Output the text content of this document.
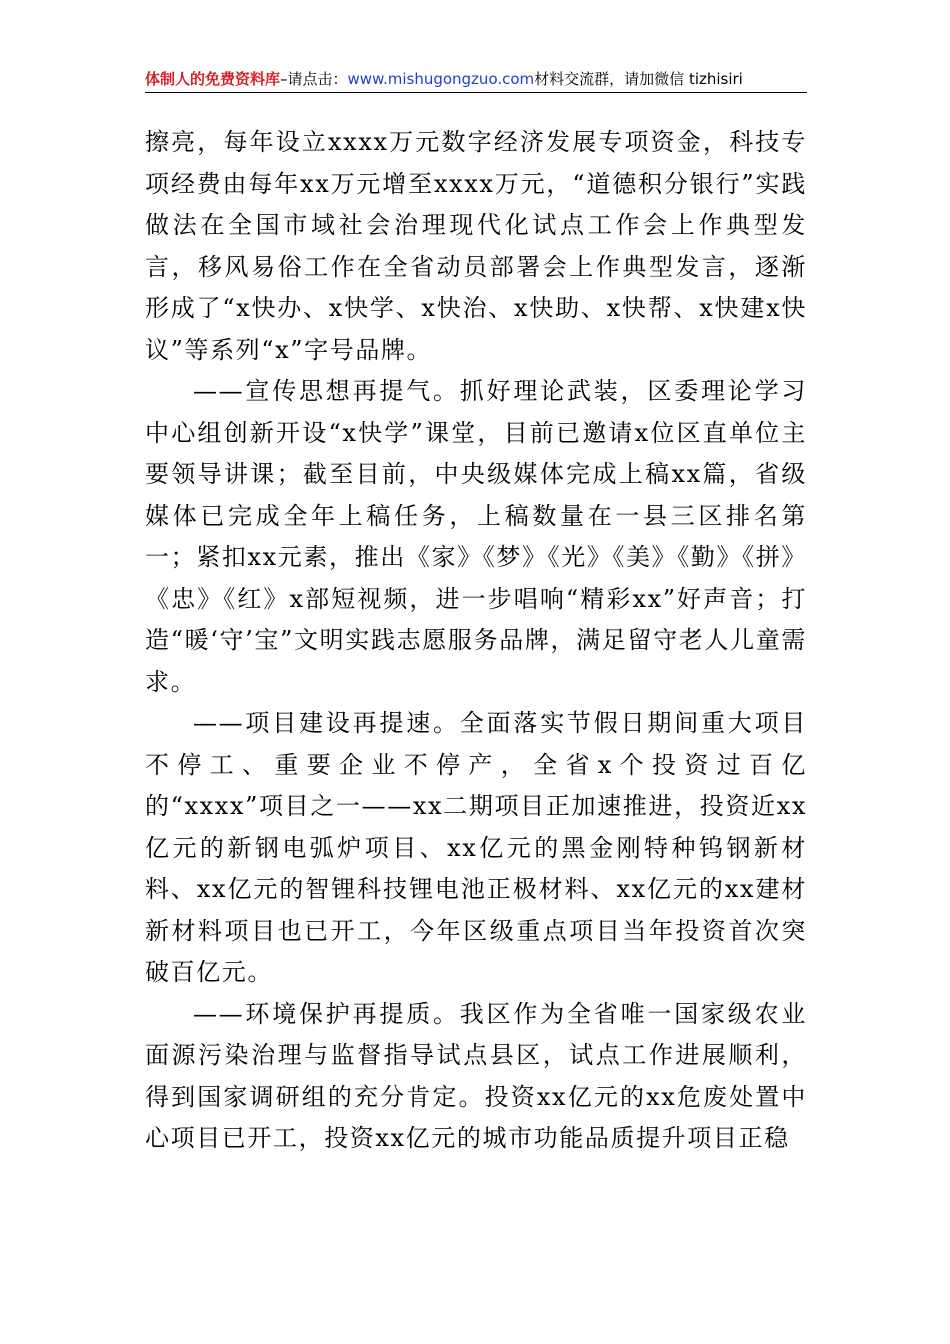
体制人的免费资料库–请点击：www.mishugongzuo.com材料交流群，请加微信 tizhisiri

擦亮，每年设立xxxx万元数字经济发展专项资金，科技专项经费由每年xx万元增至xxxx万元，“道德积分银行”实践做法在全国市域社会治理现代化试点工作会上作典型发言，移风易俗工作在全省动员部署会上作典型发言，逐渐形成了“x快办、x快学、x快治、x快助、x快帮、x快建x快议”等系列“x”字号品牌。

——宣传思想再提气。抓好理论武装，区委理论学习中心组创新开设“x快学”课堂，目前已邀请x位区直单位主要领导讲课；截至目前，中央级媒体完成上稿xx篇，省级媒体已完成全年上稿任务，上稿数量在一县三区排名第一；紧扣xx元素，推出《家》《梦》《光》《美》《勤》《拼》《忠》《红》x部短视频，进一步唱响“精彩xx”好声音；打造“暖‘守’宝”文明实践志愿服务品牌，满足留守老人儿童需求。

——项目建设再提速。全面落实节假日期间重大项目不停工、重要企业不停产，全省x个投资过百亿的“xxxx”项目之一——xx二期项目正加速推进，投资近xx亿元的新钢电弧炉项目、xx亿元的黑金刚特种钨钢新材料、xx亿元的智锂科技锂电池正极材料、xx亿元的xx建材新材料项目也已开工，今年区级重点项目当年投资首次突破百亿元。

——环境保护再提质。我区作为全省唯一国家级农业面源污染治理与监督指导试点县区，试点工作进展顺利，得到国家调研组的充分肯定。投资xx亿元的xx危废处置中心项目已开工，投资xx亿元的城市功能品质提升项目正稳
